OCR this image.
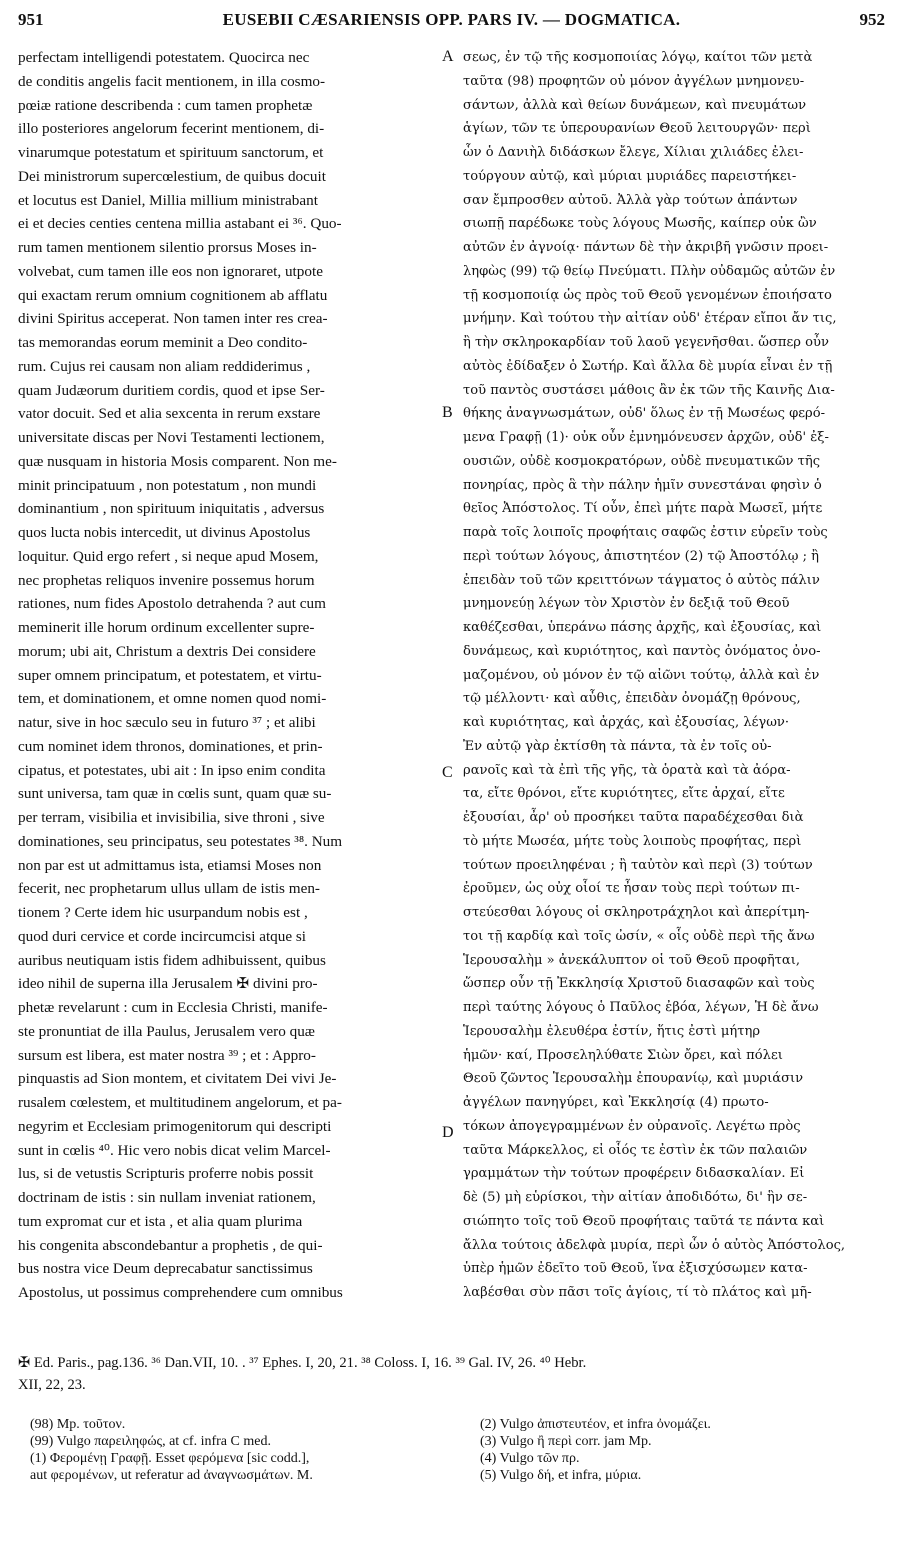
951	EUSEBII CÆSARIENSIS OPP. PARS IV. — DOGMATICA.	952
perfectam intelligendi potestatem. Quocirca nec
de conditis angelis facit mentionem, in illa cosmo-
pœiæ ratione describenda : cum tamen prophetæ
illo posteriores angelorum fecerint mentionem, di-
vinarumque potestatum et spirituum sanctorum, et
Dei ministrorum supercœlestium, de quibus docuit
et locutus est Daniel, Millia millium ministrabant
ei et decies centies centena millia astabant ei ³⁶. Quo-
rum tamen mentionem silentio prorsus Moses in-
volvebat, cum tamen ille eos non ignoraret, utpote
qui exactam rerum omnium cognitionem ab afflatu
divini Spiritus acceperat. Non tamen inter res crea-
tas memorandas eorum meminit a Deo condito-
rum. Cujus rei causam non aliam reddiderimus ,
quam Judæorum duritiem cordis, quod et ipse Ser-
vator docuit. Sed et alia sexcenta in rerum exstare
universitate discas per Novi Testamenti lectionem,
quæ nusquam in historia Mosis comparent. Non me-
minit principatuum , non potestatum , non mundi
dominantium , non spirituum iniquitatis , adversus
quos lucta nobis intercedit, ut divinus Apostolus
loquitur. Quid ergo refert , si neque apud Mosem,
nec prophetas reliquos invenire possemus horum
rationes, num fides Apostolo detrahenda ? aut cum
meminerit ille horum ordinum excellenter supre-
morum; ubi ait, Christum a dextris Dei considere
super omnem principatum, et potestatem, et virtu-
tem, et dominationem, et omne nomen quod nomi-
natur, sive in hoc sæculo seu in futuro ³⁷ ; et alibi
cum nominet idem thronos, dominationes, et prin-
cipatus, et potestates, ubi ait : In ipso enim condita
sunt universa, tam quæ in cœlis sunt, quam quæ su-
per terram, visibilia et invisibilia, sive throni , sive
dominationes, seu principatus, seu potestates ³⁸. Num
non par est ut admittamus ista, etiamsi Moses non
fecerit, nec prophetarum ullus ullam de istis men-
tionem ? Certe idem hic usurpandum nobis est ,
quod duri cervice et corde incircumcisi atque si
auribus neutiquam istis fidem adhibuissent, quibus
ideo nihil de superna illa Jerusalem ✠ divini pro-
phetæ revelarunt : cum in Ecclesia Christi, manife-
ste pronuntiat de illa Paulus, Jerusalem vero quæ
sursum est libera, est mater nostra ³⁹ ; et : Appro-
pinquastis ad Sion montem, et civitatem Dei vivi Je-
rusalem cœlestem, et multitudinem angelorum, et pa-
negyrim et Ecclesiam primogenitorum qui descripti
sunt in cœlis ⁴⁰. Hic vero nobis dicat velim Marcel-
lus, si de vetustis Scripturis proferre nobis possit
doctrinam de istis : sin nullam inveniat rationem,
tum expromat cur et ista , et alia quam plurima
his congenita abscondebantur a prophetis , de qui-
bus nostra vice Deum deprecabatur sanctissimus
Apostolus, ut possimus comprehendere cum omnibus
σεως, ἐν τῷ τῆς κοσμοποιίας λόγῳ, καίτοι τῶν μετὰ
ταῦτα (98) προφητῶν οὐ μόνον ἀγγέλων μνημονευ-
σάντων, ἀλλὰ καὶ θείων δυνάμεων, καὶ πνευμάτων
ἁγίων, τῶν τε ὑπερουρανίων Θεοῦ λειτουργῶν· περὶ
ὧν ὁ Δανιὴλ διδάσκων ἔλεγε, Χίλιαι χιλιάδες ἐλει-
τούργουν αὐτῷ, καὶ μύριαι μυριάδες παρειστήκει-
σαν ἔμπροσθεν αὐτοῦ. Ἀλλὰ γὰρ τούτων ἁπάντων
σιωπῇ παρέδωκε τοὺς λόγους Μωσῆς, καίπερ οὐκ ὢν
αὐτῶν ἐν ἀγνοίᾳ· πάντων δὲ τὴν ἀκριβῆ γνῶσιν προει-
ληφὼς (99) τῷ θείῳ Πνεύματι. Πλὴν οὐδαμῶς αὐτῶν ἐν
τῇ κοσμοποιίᾳ ὡς πρὸς τοῦ Θεοῦ γενομένων ἐποιήσατο
μνήμην. Καὶ τούτου τὴν αἰτίαν οὐδ' ἑτέραν εἴποι ἄν τις,
ἢ τὴν σκληροκαρδίαν τοῦ λαοῦ γεγενῆσθαι. ὥσπερ οὖν
αὐτὸς ἐδίδαξεν ὁ Σωτήρ. Καὶ ἄλλα δὲ μυρία εἶναι ἐν τῇ
τοῦ παντὸς συστάσει μάθοις ἂν ἐκ τῶν τῆς Καινῆς Δια-
θήκης ἀναγνωσμάτων, οὐδ' ὅλως ἐν τῇ Μωσέως φερό-
μενα Γραφῇ (1)· οὐκ οὖν ἐμνημόνευσεν ἀρχῶν, οὐδ' ἐξ-
ουσιῶν, οὐδὲ κοσμοκρατόρων, οὐδὲ πνευματικῶν τῆς
πονηρίας, πρὸς ἃ τὴν πάλην ἡμῖν συνεστάναι φησὶν ὁ
θεῖος Ἀπόστολος. Τί οὖν, ἐπεὶ μήτε παρὰ Μωσεῖ, μήτε
παρὰ τοῖς λοιποῖς προφήταις σαφῶς ἐστιν εὑρεῖν τοὺς
περὶ τούτων λόγους, ἀπιστητέον (2) τῷ Ἀποστόλῳ ; ἢ
ἐπειδὰν τοῦ τῶν κρειττόνων τάγματος ὁ αὐτὸς πάλιν
μνημονεύῃ λέγων τὸν Χριστὸν ἐν δεξιᾷ τοῦ Θεοῦ
καθέζεσθαι, ὑπεράνω πάσης ἀρχῆς, καὶ ἐξουσίας, καὶ
δυνάμεως, καὶ κυριότητος, καὶ παντὸς ὀνόματος ὀνο-
μαζομένου, οὐ μόνον ἐν τῷ αἰῶνι τούτῳ, ἀλλὰ καὶ ἐν
τῷ μέλλοντι· καὶ αὖθις, ἐπειδὰν ὀνομάζῃ θρόνους,
καὶ κυριότητας, καὶ ἀρχάς, καὶ ἐξουσίας, λέγων·
Ἐν αὐτῷ γὰρ ἐκτίσθη τὰ πάντα, τὰ ἐν τοῖς οὐ-
ρανοῖς καὶ τὰ ἐπὶ τῆς γῆς, τὰ ὁρατὰ καὶ τὰ ἀόρα-
τα, εἴτε θρόνοι, εἴτε κυριότητες, εἴτε ἀρχαί, εἴτε
ἐξουσίαι, ἆρ' οὐ προσήκει ταῦτα παραδέχεσθαι διὰ
τὸ μήτε Μωσέα, μήτε τοὺς λοιποὺς προφήτας, περὶ
τούτων προειληφέναι ; ἢ ταὐτὸν καὶ περὶ (3) τούτων
ἐροῦμεν, ὡς οὐχ οἷοί τε ἦσαν τοὺς περὶ τούτων πι-
στεύεσθαι λόγους οἱ σκληροτράχηλοι καὶ ἀπερίτμη-
τοι τῇ καρδίᾳ καὶ τοῖς ὠσίν, « οἷς οὐδὲ περὶ τῆς ἄνω
Ἱερουσαλὴμ » ἀνεκάλυπτον οἱ τοῦ Θεοῦ προφῆται,
ὥσπερ οὖν τῇ Ἐκκλησίᾳ Χριστοῦ διασαφῶν καὶ τοὺς
περὶ ταύτης λόγους ὁ Παῦλος ἐβόα, λέγων, Ἡ δὲ ἄνω
Ἱερουσαλὴμ ἐλευθέρα ἐστίν, ἥτις ἐστὶ μήτηρ
ἡμῶν· καί, Προσεληλύθατε Σιὼν ὄρει, καὶ πόλει
Θεοῦ ζῶντος Ἱερουσαλὴμ ἐπουρανίῳ, καὶ μυριάσιν
ἀγγέλων πανηγύρει, καὶ Ἐκκλησίᾳ (4) πρωτο-
τόκων ἀπογεγραμμένων ἐν οὐρανοῖς. Λεγέτω πρὸς
ταῦτα Μάρκελλος, εἰ οἷός τε ἐστὶν ἐκ τῶν παλαιῶν
γραμμάτων τὴν τούτων προφέρειν διδασκαλίαν. Εἰ
δὲ (5) μὴ εὑρίσκοι, τὴν αἰτίαν ἀποδιδότω, δι' ἣν σε-
σιώπητο τοῖς τοῦ Θεοῦ προφήταις ταῦτά τε πάντα καὶ
ἄλλα τούτοις ἀδελφὰ μυρία, περὶ ὧν ὁ αὐτὸς Ἀπόστολος,
ὑπὲρ ἡμῶν ἐδεῖτο τοῦ Θεοῦ, ἵνα ἐξισχύσωμεν κατα-
λαβέσθαι σὺν πᾶσι τοῖς ἁγίοις, τί τὸ πλάτος καὶ μῆ-
A
B
C
D
✠ Ed. Paris., pag.136. ³⁶ Dan.VII, 10. . ³⁷ Ephes. I, 20, 21. ³⁸ Coloss. I, 16. ³⁹ Gal. IV, 26. ⁴⁰ Hebr.
XII, 22, 23.
(98) Mp. τοῦτον.
(99) Vulgo παρειληφώς, at cf. infra C med.
(1) Φερομένῃ Γραφῇ. Esset φερόμενα [sic codd.],
aut φερομένων, ut referatur ad ἀναγνωσμάτων. M.
(2) Vulgo ἀπιστευτέον, et infra ὀνομάζει.
(3) Vulgo ἢ περὶ corr. jam Mp.
(4) Vulgo τῶν πρ.
(5) Vulgo δή, et infra, μύρια.
